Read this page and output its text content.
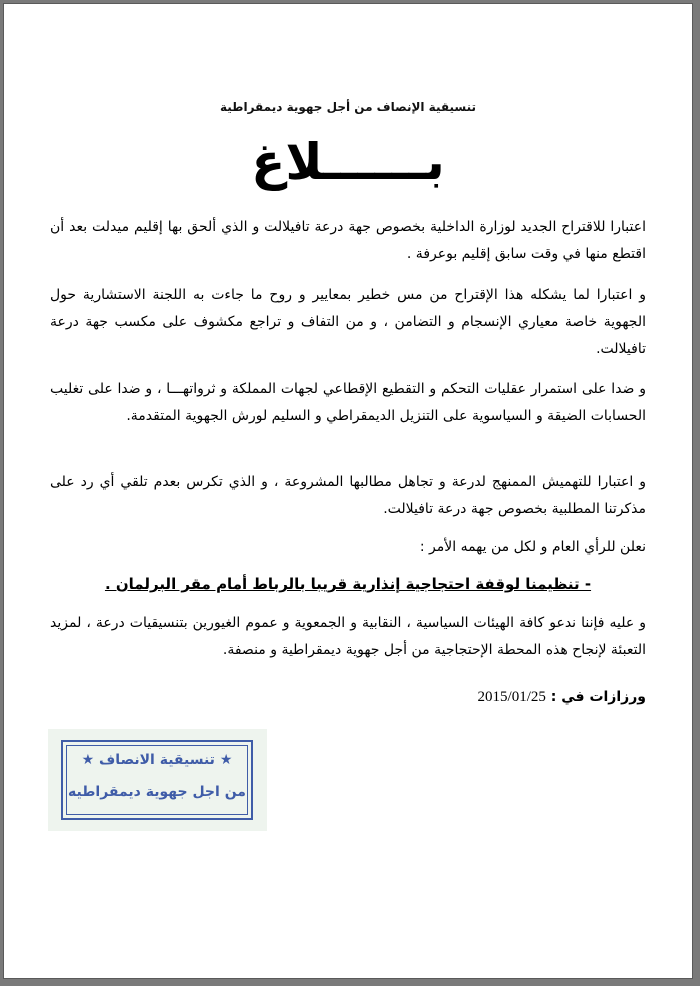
تنسيقية الإنصاف من أجل جهوية ديمقراطية
بــــــلاغ
اعتبارا للاقتراح الجديد لوزارة الداخلية بخصوص جهة درعة تافيلالت و الذي ألحق بها إقليم ميدلت بعد أن اقتطع منها في وقت سابق إقليم بوعرفة .
و اعتبارا لما يشكله هذا الإقتراح من مس خطير بمعايير و روح ما جاءت به اللجنة الاستشارية حول الجهوية خاصة معياري الإنسجام و التضامن ، و من التفاف و تراجع مكشوف على مكسب جهة درعة تافيلالت.
و ضدا على استمرار عقليات التحكم و التقطيع الإقطاعي لجهات المملكة و ثرواتهـــا ، و ضدا على تغليب الحسابات الضيقة و السياسوية على التنزيل الديمقراطي و السليم لورش الجهوية المتقدمة.
و اعتبارا للتهميش الممنهج لدرعة و تجاهل مطالبها المشروعة ، و الذي تكرس بعدم تلقي أي رد على مذكرتنا المطلبية بخصوص جهة درعة تافيلالت.
نعلن للرأي العام و لكل من يهمه الأمر :
- تنظيمنا لوقفة احتجاجية إنذارية قريبا بالرباط أمام مقر البرلمان .
و عليه فإننا ندعو كافة الهيئات السياسية ، النقابية و الجمعوية و عموم الغيورين بتنسيقيات درعة ، لمزيد التعبئة لإنجاح هذه المحطة الإحتجاجية من أجل جهوية ديمقراطية و منصفة.
ورزازات في : 2015/01/25
★ تنسيقية الانصاف ★
من اجل جهوية ديمقراطيه
